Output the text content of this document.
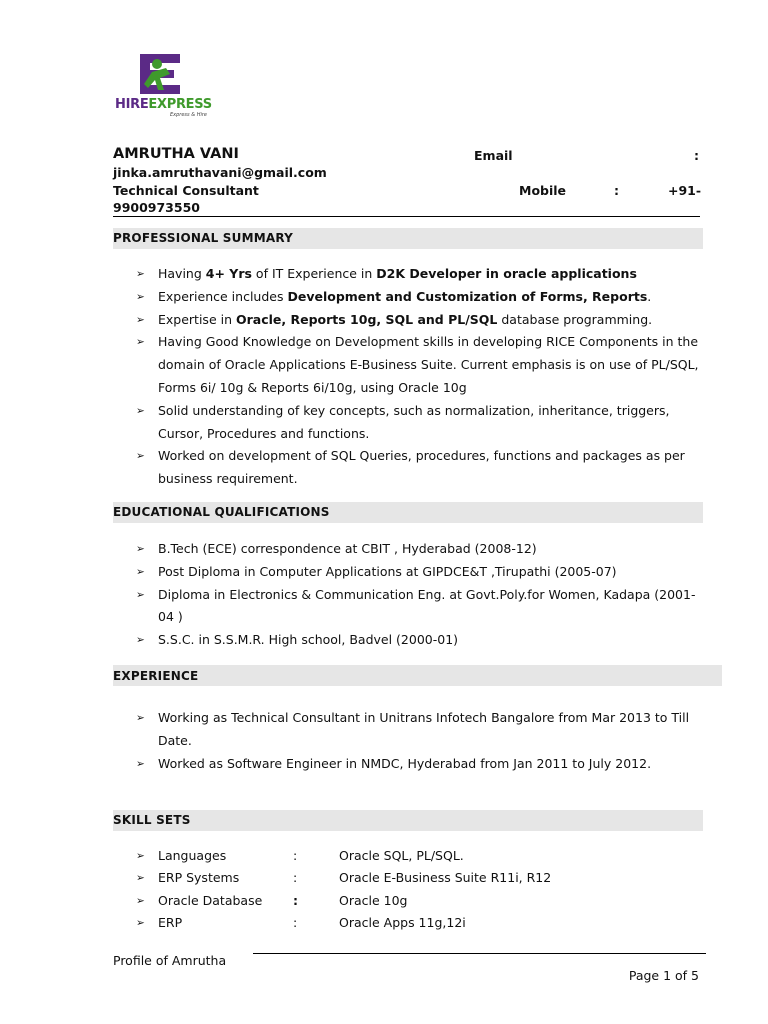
HIREEXPRESS
Express & Hire
AMRUTHA VANI	Email	:
jinka.amruthavani@gmail.com
Technical Consultant	Mobile	:	+91-
9900973550
PROFESSIONAL SUMMARY
➢ Having 4+ Yrs of IT Experience in D2K Developer in oracle applications
➢ Experience includes Development and Customization of Forms, Reports.
➢ Expertise in Oracle, Reports 10g, SQL and PL/SQL database programming.
➢ Having Good Knowledge on Development skills in developing RICE Components in the domain of Oracle Applications E-Business Suite. Current emphasis is on use of PL/SQL, Forms 6i/ 10g & Reports 6i/10g, using Oracle 10g
➢ Solid understanding of key concepts, such as normalization, inheritance, triggers, Cursor, Procedures and functions.
➢ Worked on development of SQL Queries, procedures, functions and packages as per business requirement.
EDUCATIONAL QUALIFICATIONS
➢ B.Tech (ECE) correspondence at CBIT , Hyderabad (2008-12)
➢ Post Diploma in Computer Applications at GIPDCE&T ,Tirupathi (2005-07)
➢ Diploma in Electronics & Communication Eng. at Govt.Poly.for Women, Kadapa (2001-04 )
➢ S.S.C. in S.S.M.R. High school, Badvel (2000-01)
EXPERIENCE
➢ Working as Technical Consultant in Unitrans Infotech Bangalore from Mar 2013 to Till Date.
➢ Worked as Software Engineer in NMDC, Hyderabad from Jan 2011 to July 2012.
SKILL SETS
➢ Languages	:	Oracle SQL, PL/SQL.
➢ ERP Systems	:	Oracle E-Business Suite R11i, R12
➢ Oracle Database :	Oracle 10g
➢ ERP	:	Oracle Apps 11g,12i
Profile of Amrutha
Page 1 of 5
